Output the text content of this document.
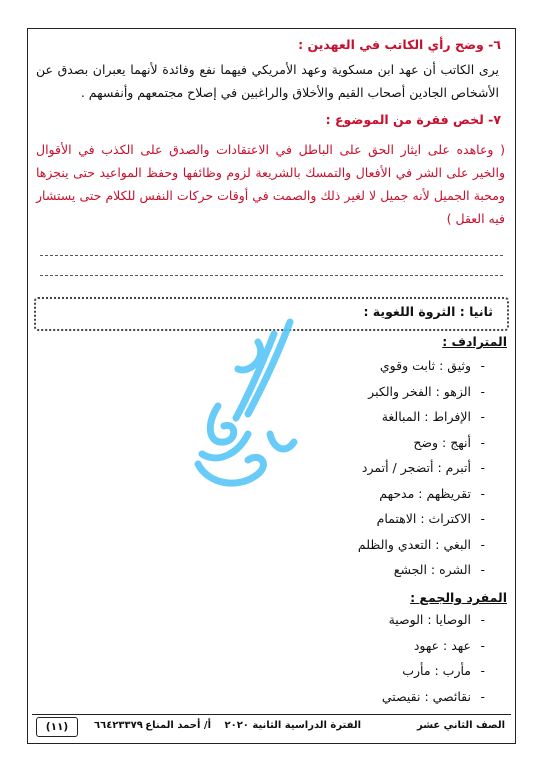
٦- وضح رأي الكاتب في العهدين :
يرى الكاتب أن عهد ابن مسكوية وعهد الأمريكي فيهما نفع وفائدة لأنهما يعبران بصدق عن الأشخاص الجادين أصحاب القيم والأخلاق والراغبين في إصلاح مجتمعهم وأنفسهم .
٧- لخص فقرة من الموضوع :
( وعاهده على ايثار الحق على الباطل في الاعتقادات والصدق على الكذب في الأقوال والخير على الشر في الأفعال والتمسك بالشريعة لزوم وظائفها وحفظ المواعيد حتى ينجزها ومحبة الجميل لأنه جميل لا لغير ذلك والصمت في أوقات حركات النفس للكلام حتى يستشار فيه العقل )
ثانيا : الثروة اللغوية :
المترادف :
-
وثيق : ثابت وقوي
-
الزهو : الفخر والكبر
-
الإفراط : المبالغة
-
أنهج : وضح
-
أتبرم : أتضجر / أتمرد
-
تقريظهم : مدحهم
-
الاكتراث : الاهتمام
-
البغي : التعدي والظلم
-
الشره : الجشع
المفرد والجمع :
-
الوصايا : الوصية
-
عهد : عهود
-
مأرب : مأرب
-
نقائصي : نقيصتي
الصف الثاني عشر
الفترة الدراسية الثانية ٢٠٢٠
أ/ أحمد المناع
٦٦٤٢٣٣٧٩
(١١)
